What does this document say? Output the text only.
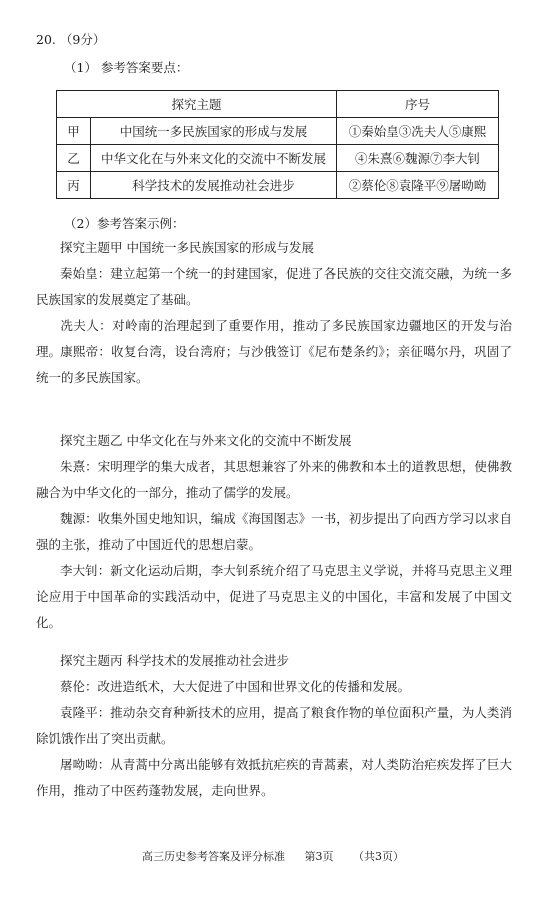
20. （9分）
（1） 参考答案要点：
探究主题		序号
甲	中国统一多民族国家的形成与发展	①秦始皇③冼夫人⑤康熙
乙	中华文化在与外来文化的交流中不断发展	④朱熹⑥魏源⑦李大钊
丙	科学技术的发展推动社会进步	②蔡伦⑧袁隆平⑨屠呦呦
（2）参考答案示例：

探究主题甲 中国统一多民族国家的形成与发展

秦始皇：建立起第一个统一的封建国家，促进了各民族的交往交流交融，为统一多民族国家的发展奠定了基础。

冼夫人：对岭南的治理起到了重要作用，推动了多民族国家边疆地区的开发与治理。

康熙帝：收复台湾，设台湾府；与沙俄签订《尼布楚条约》；亲征噶尔丹，巩固了统一的多民族国家。

探究主题乙 中华文化在与外来文化的交流中不断发展

朱熹：宋明理学的集大成者，其思想兼容了外来的佛教和本土的道教思想，使佛教融合为中华文化的一部分，推动了儒学的发展。

魏源：收集外国史地知识，编成《海国图志》一书，初步提出了向西方学习以求自强的主张，推动了中国近代的思想启蒙。

李大钊：新文化运动后期，李大钊系统介绍了马克思主义学说，并将马克思主义理论应用于中国革命的实践活动中，促进了马克思主义的中国化，丰富和发展了中国文化。

探究主题丙 科学技术的发展推动社会进步

蔡伦：改进造纸术，大大促进了中国和世界文化的传播和发展。

袁隆平：推动杂交育种新技术的应用，提高了粮食作物的单位面积产量，为人类消除饥饿作出了突出贡献。

屠呦呦：从青蒿中分离出能够有效抵抗疟疾的青蒿素，对人类防治疟疾发挥了巨大作用，推动了中医药蓬勃发展，走向世界。

高三历史参考答案及评分标准 第3页 （共3页）
